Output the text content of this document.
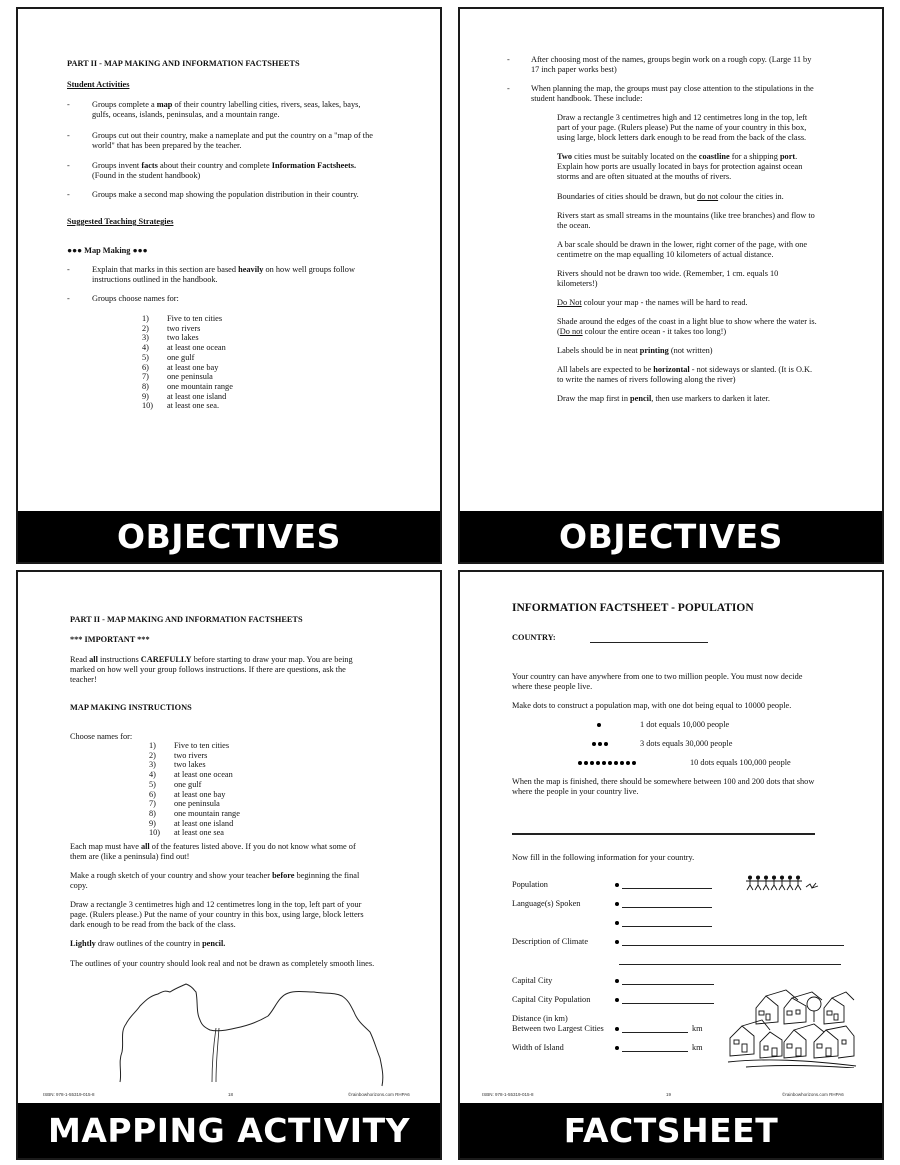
PART II - MAP MAKING AND INFORMATION FACTSHEETS
Student Activities
-	Groups complete a map of their country labelling cities, rivers, seas, lakes, bays,
gulfs, oceans, islands, peninsulas, and a mountain range.
-	Groups cut out their country, make a nameplate and put the country on a "map of the
world" that has been prepared by the teacher.
-	Groups invent facts about their country and complete Information Factsheets.
(Found in the student handbook)
-	Groups make a second map showing the population distribution in their country.
Suggested Teaching Strategies
●●● Map Making ●●●
-	Explain that marks in this section are based heavily on how well groups follow
instructions outlined in the handbook.
-	Groups choose names for:
1)	Five to ten cities
2)	two rivers
3)	two lakes
4)	at least one ocean
5)	one gulf
6)	at least one bay
7)	one peninsula
8)	one mountain range
9)	at least one island
10)	at least one sea.
OBJECTIVES
-	After choosing most of the names, groups begin work on a rough copy. (Large 11 by
17 inch paper works best)
-	When planning the map, the groups must pay close attention to the stipulations in the
student handbook. These include:
Draw a rectangle 3 centimetres high and 12 centimetres long in the top, left
part of your page. (Rulers please) Put the name of your country in this box,
using large, block letters dark enough to be read from the back of the class.
Two cities must be suitably located on the coastline for a shipping port.
Explain how ports are usually located in bays for protection against ocean
storms and are often situated at the mouths of rivers.
Boundaries of cities should be drawn, but do not colour the cities in.
Rivers start as small streams in the mountains (like tree branches) and flow to
the ocean.
A bar scale should be drawn in the lower, right corner of the page, with one
centimetre on the map equalling 10 kilometers of actual distance.
Rivers should not be drawn too wide. (Remember, 1 cm. equals 10
kilometers!)
Do Not colour your map - the names will be hard to read.
Shade around the edges of the coast in a light blue to show where the water is.
(Do not colour the entire ocean - it takes too long!)
Labels should be in neat printing (not written)
All labels are expected to be horizontal - not sideways or slanted. (It is O.K.
to write the names of rivers following along the river)
Draw the map first in pencil, then use markers to darken it later.
OBJECTIVES
PART II - MAP MAKING AND INFORMATION FACTSHEETS
*** IMPORTANT ***
Read all instructions CAREFULLY before starting to draw your map. You are being
marked on how well your group follows instructions. If there are questions, ask the
teacher!
MAP MAKING INSTRUCTIONS
Choose names for:
1)	Five to ten cities
2)	two rivers
3)	two lakes
4)	at least one ocean
5)	one gulf
6)	at least one bay
7)	one peninsula
8)	one mountain range
9)	at least one island
10)	at least one sea
Each map must have all of the features listed above. If you do not know what some of
them are (like a peninsula) find out!
Make a rough sketch of your country and show your teacher before beginning the final
copy.
Draw a rectangle 3 centimetres high and 12 centimetres long in the top, left part of your
page. (Rulers please.) Put the name of your country in this box, using large, block letters
dark enough to be read from the back of the class.
Lightly draw outlines of the country in pencil.
The outlines of your country should look real and not be drawn as completely smooth lines.
ISBN: 978-1-55319-015-8	18	©rainbowhorizons.com RHPA6
MAPPING ACTIVITY
INFORMATION FACTSHEET - POPULATION
COUNTRY:
Your country can have anywhere from one to two million people. You must now decide
where these people live.
Make dots to construct a population map, with one dot being equal to 10000 people.
1 dot equals 10,000 people
3 dots equals 30,000 people
10 dots equals 100,000 people
When the map is finished, there should be somewhere between 100 and 200 dots that show
where the people in your country live.
Now fill in the following information for your country.
Population
Language(s) Spoken
Description of Climate
Capital City
Capital City Population
Distance (in km)
Between two Largest Cities	km
Width of Island	km
ISBN: 978-1-55319-015-8	19	©rainbowhorizons.com RHPA6
FACTSHEET
